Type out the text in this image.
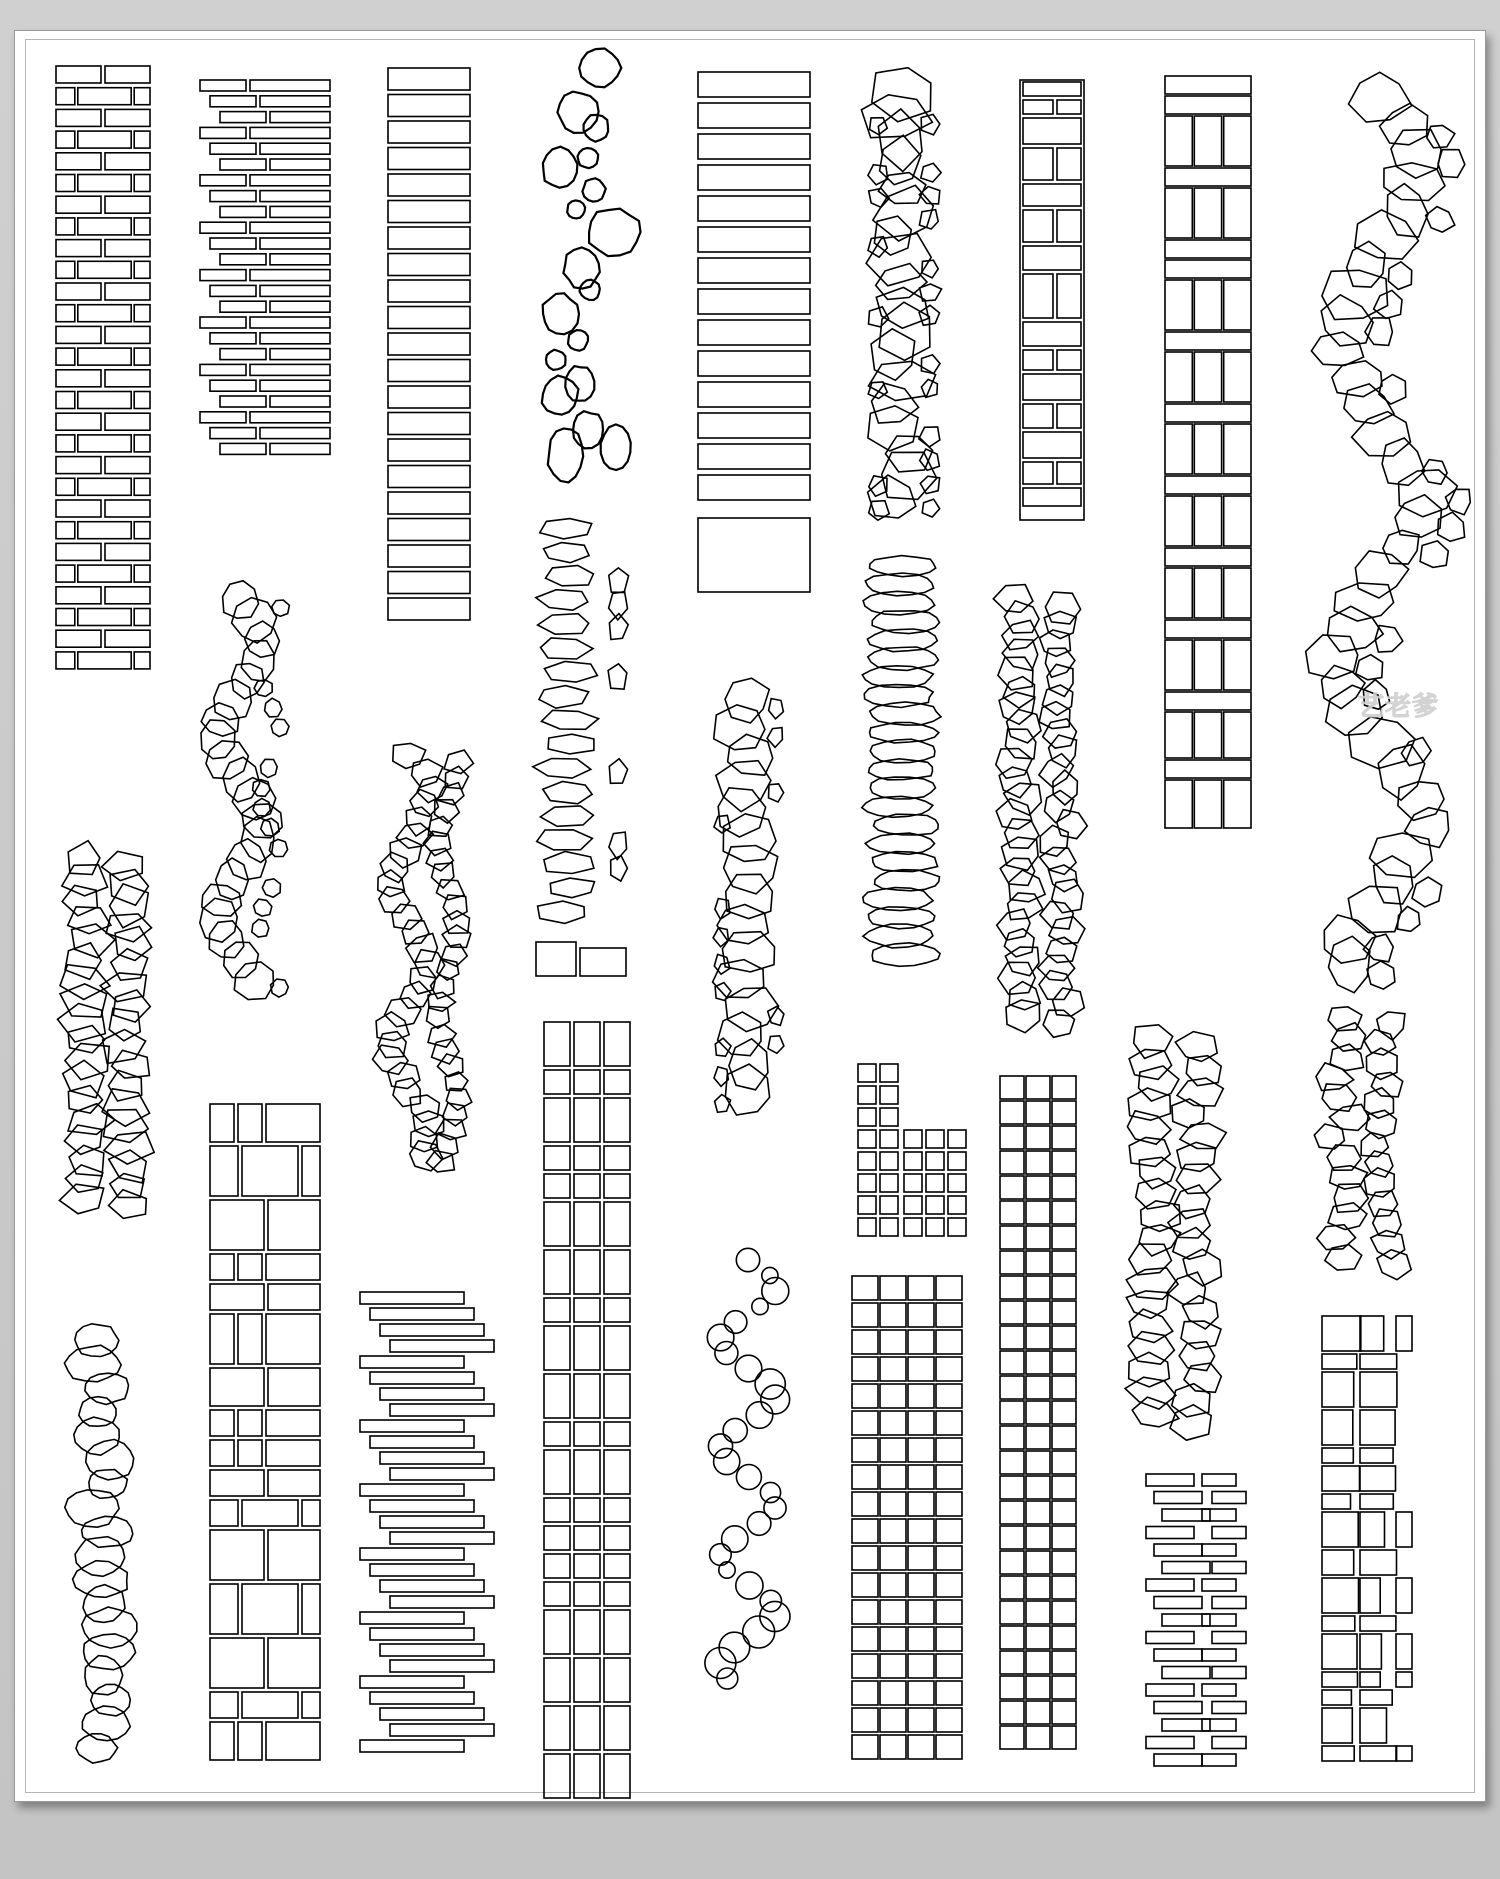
艺老爹
